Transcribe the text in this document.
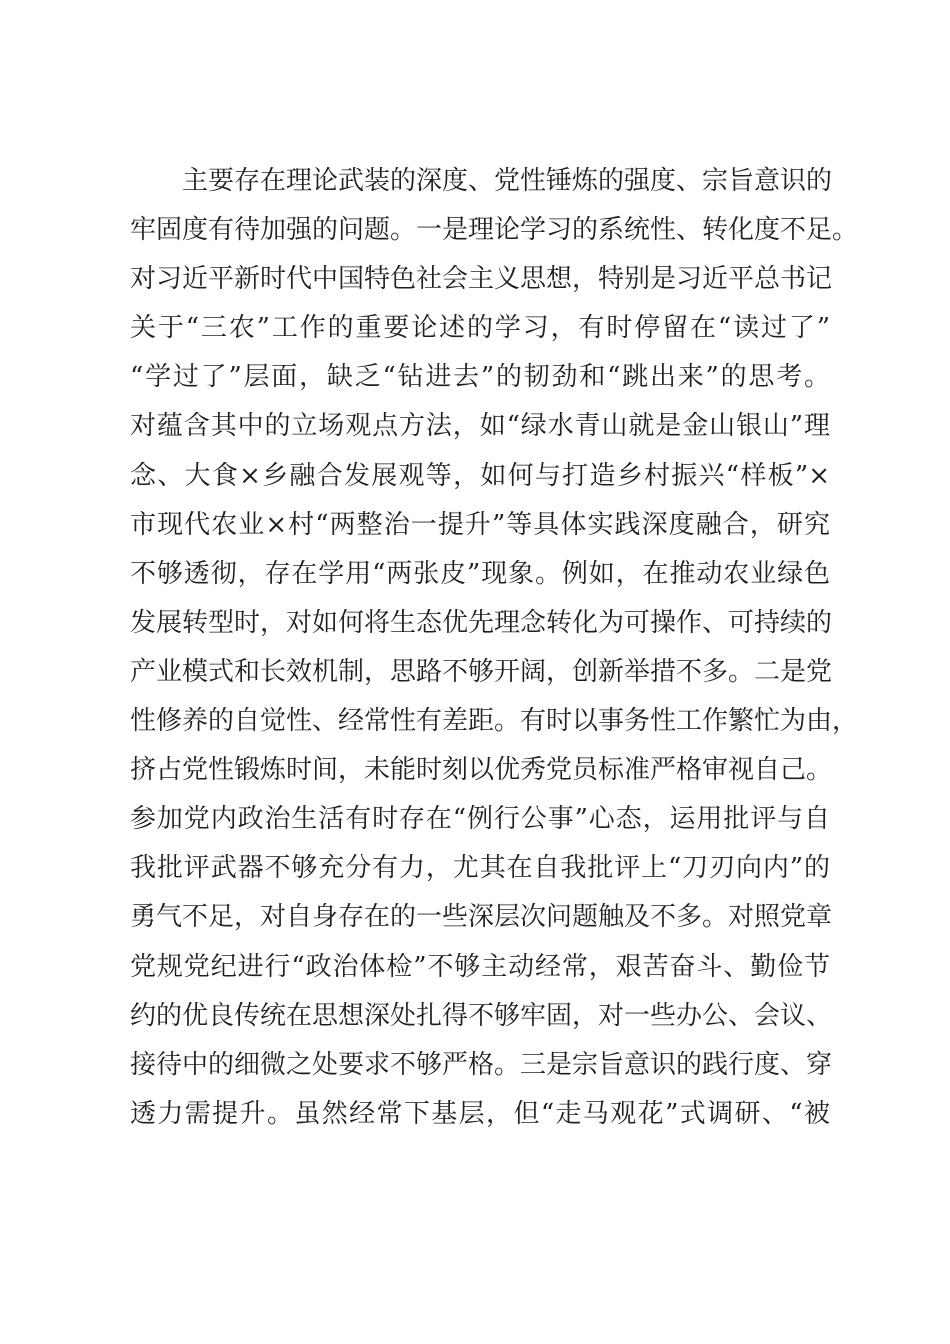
主要存在理论武装的深度、党性锤炼的强度、宗旨意识的
牢固度有待加强的问题。一是理论学习的系统性、转化度不足。
对习近平新时代中国特色社会主义思想，特别是习近平总书记
关于“三农”工作的重要论述的学习，有时停留在“读过了”
“学过了”层面，缺乏“钻进去”的韧劲和“跳出来”的思考。
对蕴含其中的立场观点方法，如“绿水青山就是金山银山”理
念、大食×乡融合发展观等，如何与打造乡村振兴“样板”×
市现代农业×村“两整治一提升”等具体实践深度融合，研究
不够透彻，存在学用“两张皮”现象。例如，在推动农业绿色
发展转型时，对如何将生态优先理念转化为可操作、可持续的
产业模式和长效机制，思路不够开阔，创新举措不多。二是党
性修养的自觉性、经常性有差距。有时以事务性工作繁忙为由，
挤占党性锻炼时间，未能时刻以优秀党员标准严格审视自己。
参加党内政治生活有时存在“例行公事”心态，运用批评与自
我批评武器不够充分有力，尤其在自我批评上“刀刃向内”的
勇气不足，对自身存在的一些深层次问题触及不多。对照党章
党规党纪进行“政治体检”不够主动经常，艰苦奋斗、勤俭节
约的优良传统在思想深处扎得不够牢固，对一些办公、会议、
接待中的细微之处要求不够严格。三是宗旨意识的践行度、穿
透力需提升。虽然经常下基层，但“走马观花”式调研、“被
